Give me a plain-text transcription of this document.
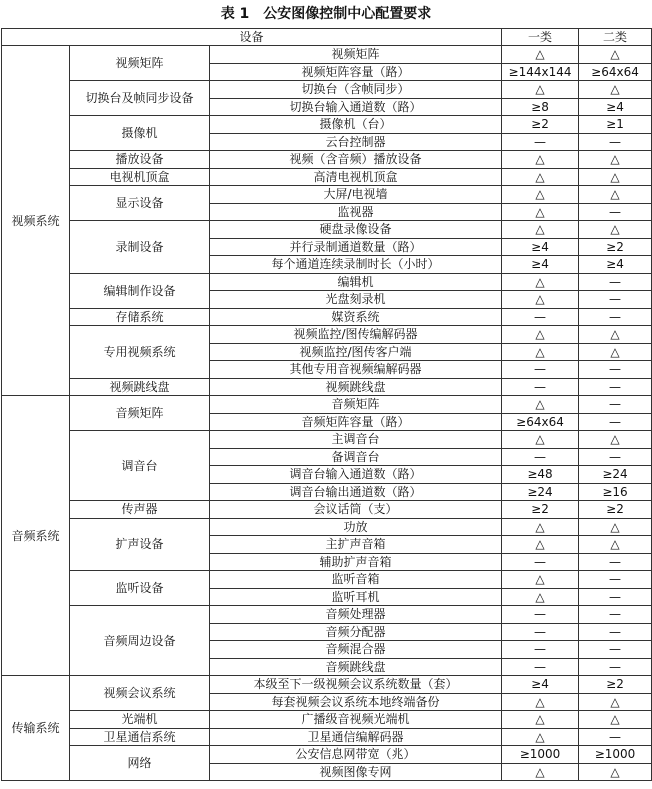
表 1　公安图像控制中心配置要求
设备			一类	二类
视频系统	视频矩阵	视频矩阵	△	△
		视频矩阵容量（路）	≥144x144	≥64x64
	切换台及帧同步设备	切换台（含帧同步）	△	△
		切换台输入通道数（路）	≥8	≥4
	摄像机	摄像机（台）	≥2	≥1
		云台控制器	—	—
	播放设备	视频（含音频）播放设备	△	△
	电视机顶盒	高清电视机顶盒	△	△
	显示设备	大屏/电视墙	△	△
		监视器	△	—
	录制设备	硬盘录像设备	△	△
		并行录制通道数量（路）	≥4	≥2
		每个通道连续录制时长（小时）	≥4	≥4
	编辑制作设备	编辑机	△	—
		光盘刻录机	△	—
	存储系统	媒资系统	—	—
	专用视频系统	视频监控/图传编解码器	△	△
		视频监控/图传客户端	△	△
		其他专用音视频编解码器	—	—
	视频跳线盘	视频跳线盘	—	—
音频系统	音频矩阵	音频矩阵	△	—
		音频矩阵容量（路）	≥64x64	—
	调音台	主调音台	△	△
		备调音台	—	—
		调音台输入通道数（路）	≥48	≥24
		调音台输出通道数（路）	≥24	≥16
	传声器	会议话筒（支）	≥2	≥2
	扩声设备	功放	△	△
		主扩声音箱	△	△
		辅助扩声音箱	—	—
	监听设备	监听音箱	△	—
		监听耳机	△	—
	音频周边设备	音频处理器	—	—
		音频分配器	—	—
		音频混合器	—	—
		音频跳线盘	—	—
传输系统	视频会议系统	本级至下一级视频会议系统数量（套）	≥4	≥2
		每套视频会议系统本地终端备份	△	△
	光端机	广播级音视频光端机	△	△
	卫星通信系统	卫星通信编解码器	△	—
	网络	公安信息网带宽（兆）	≥1000	≥1000
		视频图像专网	△	△
